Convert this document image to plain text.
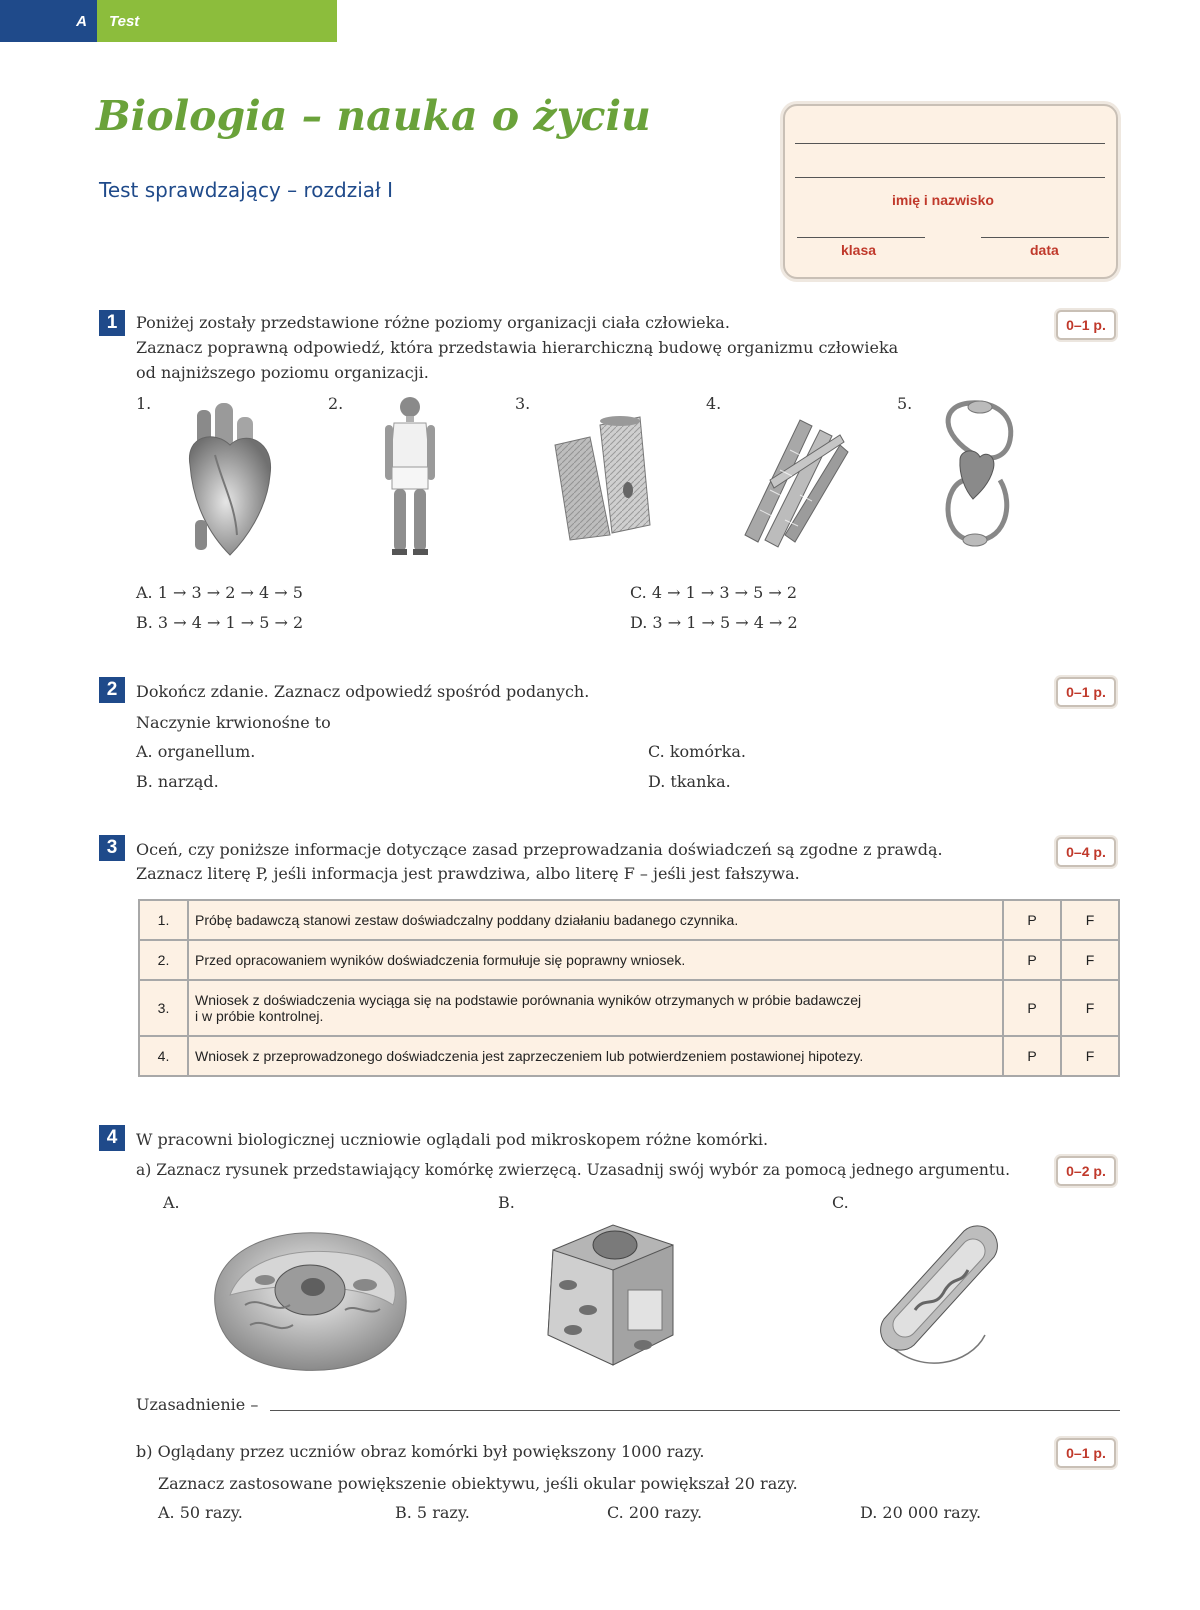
A	Test
Biologia – nauka o życiu
Test sprawdzający – rozdział I	imię i nazwisko
klasa	data
1	0–1 p.
Poniżej zostały przedstawione różne poziomy organizacji ciała człowieka.
Zaznacz poprawną odpowiedź, która przedstawia hierarchiczną budowę organizmu człowieka
od najniższego poziomu organizacji.
1.	2.	3.	4.	5.
A. 1 → 3 → 2 → 4 → 5
B. 3 → 4 → 1 → 5 → 2
C. 4 → 1 → 3 → 5 → 2
D. 3 → 1 → 5 → 4 → 2
2	0–1 p.
Dokończ zdanie. Zaznacz odpowiedź spośród podanych.
Naczynie krwionośne to
A. organellum.
B. narząd.
C. komórka.
D. tkanka.
3	0–4 p.
Oceń, czy poniższe informacje dotyczące zasad przeprowadzania doświadczeń są zgodne z prawdą.
Zaznacz literę P, jeśli informacja jest prawdziwa, albo literę F – jeśli jest fałszywa.
1.	Próbę badawczą stanowi zestaw doświadczalny poddany działaniu badanego czynnika.	P	F
2.	Przed opracowaniem wyników doświadczenia formułuje się poprawny wniosek.	P	F
3.	Wniosek z doświadczenia wyciąga się na podstawie porównania wyników otrzymanych w próbie badawczej
i w próbie kontrolnej.	P	F
4.	Wniosek z przeprowadzonego doświadczenia jest zaprzeczeniem lub potwierdzeniem postawionej hipotezy.	P	F
4	W pracowni biologicznej uczniowie oglądali pod mikroskopem różne komórki.
a) Zaznacz rysunek przedstawiający komórkę zwierzęcą. Uzasadnij swój wybór za pomocą jednego argumentu.	0–2 p.
A.	B.	C.
Uzasadnienie –
b) Oglądany przez uczniów obraz komórki był powiększony 1000 razy.	0–1 p.
Zaznacz zastosowane powiększenie obiektywu, jeśli okular powiększał 20 razy.
A. 50 razy.	B. 5 razy.	C. 200 razy.	D. 20 000 razy.
